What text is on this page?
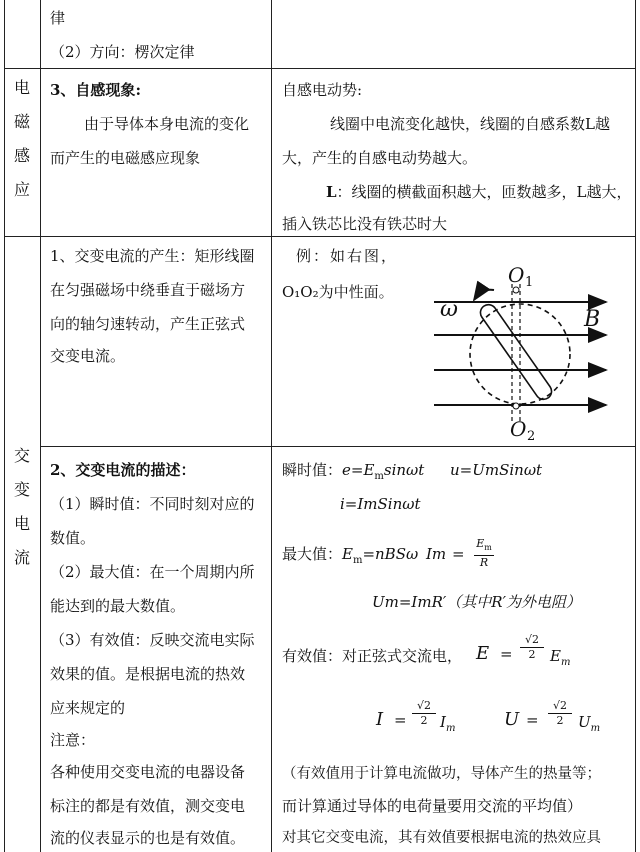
律
（2）方向：楞次定律
电
磁
感
应
3、自感现象:
由于导体本身电流的变化
而产生的电磁感应现象
自感电动势:
线圈中电流变化越快，线圈的自感系数L越
大，产生的自感电动势越大。
L：线圈的横截面积越大，匝数越多，L越大，
插入铁芯比没有铁芯时大
交
变
电
流
1、交变电流的产生：矩形线圈
在匀强磁场中绕垂直于磁场方
向的轴匀速转动，产生正弦式
交变电流。
例：如右图，
O₁O₂为中性面。
ω	B
O 1
O 2
2、交变电流的描述：
（1）瞬时值：不同时刻对应的
数值。
（2）最大值：在一个周期内所
能达到的最大数值。
（3）有效值：反映交流电实际
效果的值。是根据电流的热效
应来规定的
注意：
各种使用交变电流的电器设备
标注的都是有效值，测交变电
流的仪表显示的也是有效值。
瞬时值：$e=E_m\sin\omega t$ u=UmSinωt
i=ImSinωt
最大值：$E_m=nBS\omega$ Im =
$E_m$
R
Um=ImR′（其中R′为外电阻）
有效值：对正弦式交流电， E =
√2
2 $E_m$
I =
√2
2 $I_m$	U =
√2
2 $U_m$
（有效值用于计算电流做功，导体产生的热量等；
而计算通过导体的电荷量要用交流的平均值）
对其它交变电流，其有效值要根据电流的热效应具
